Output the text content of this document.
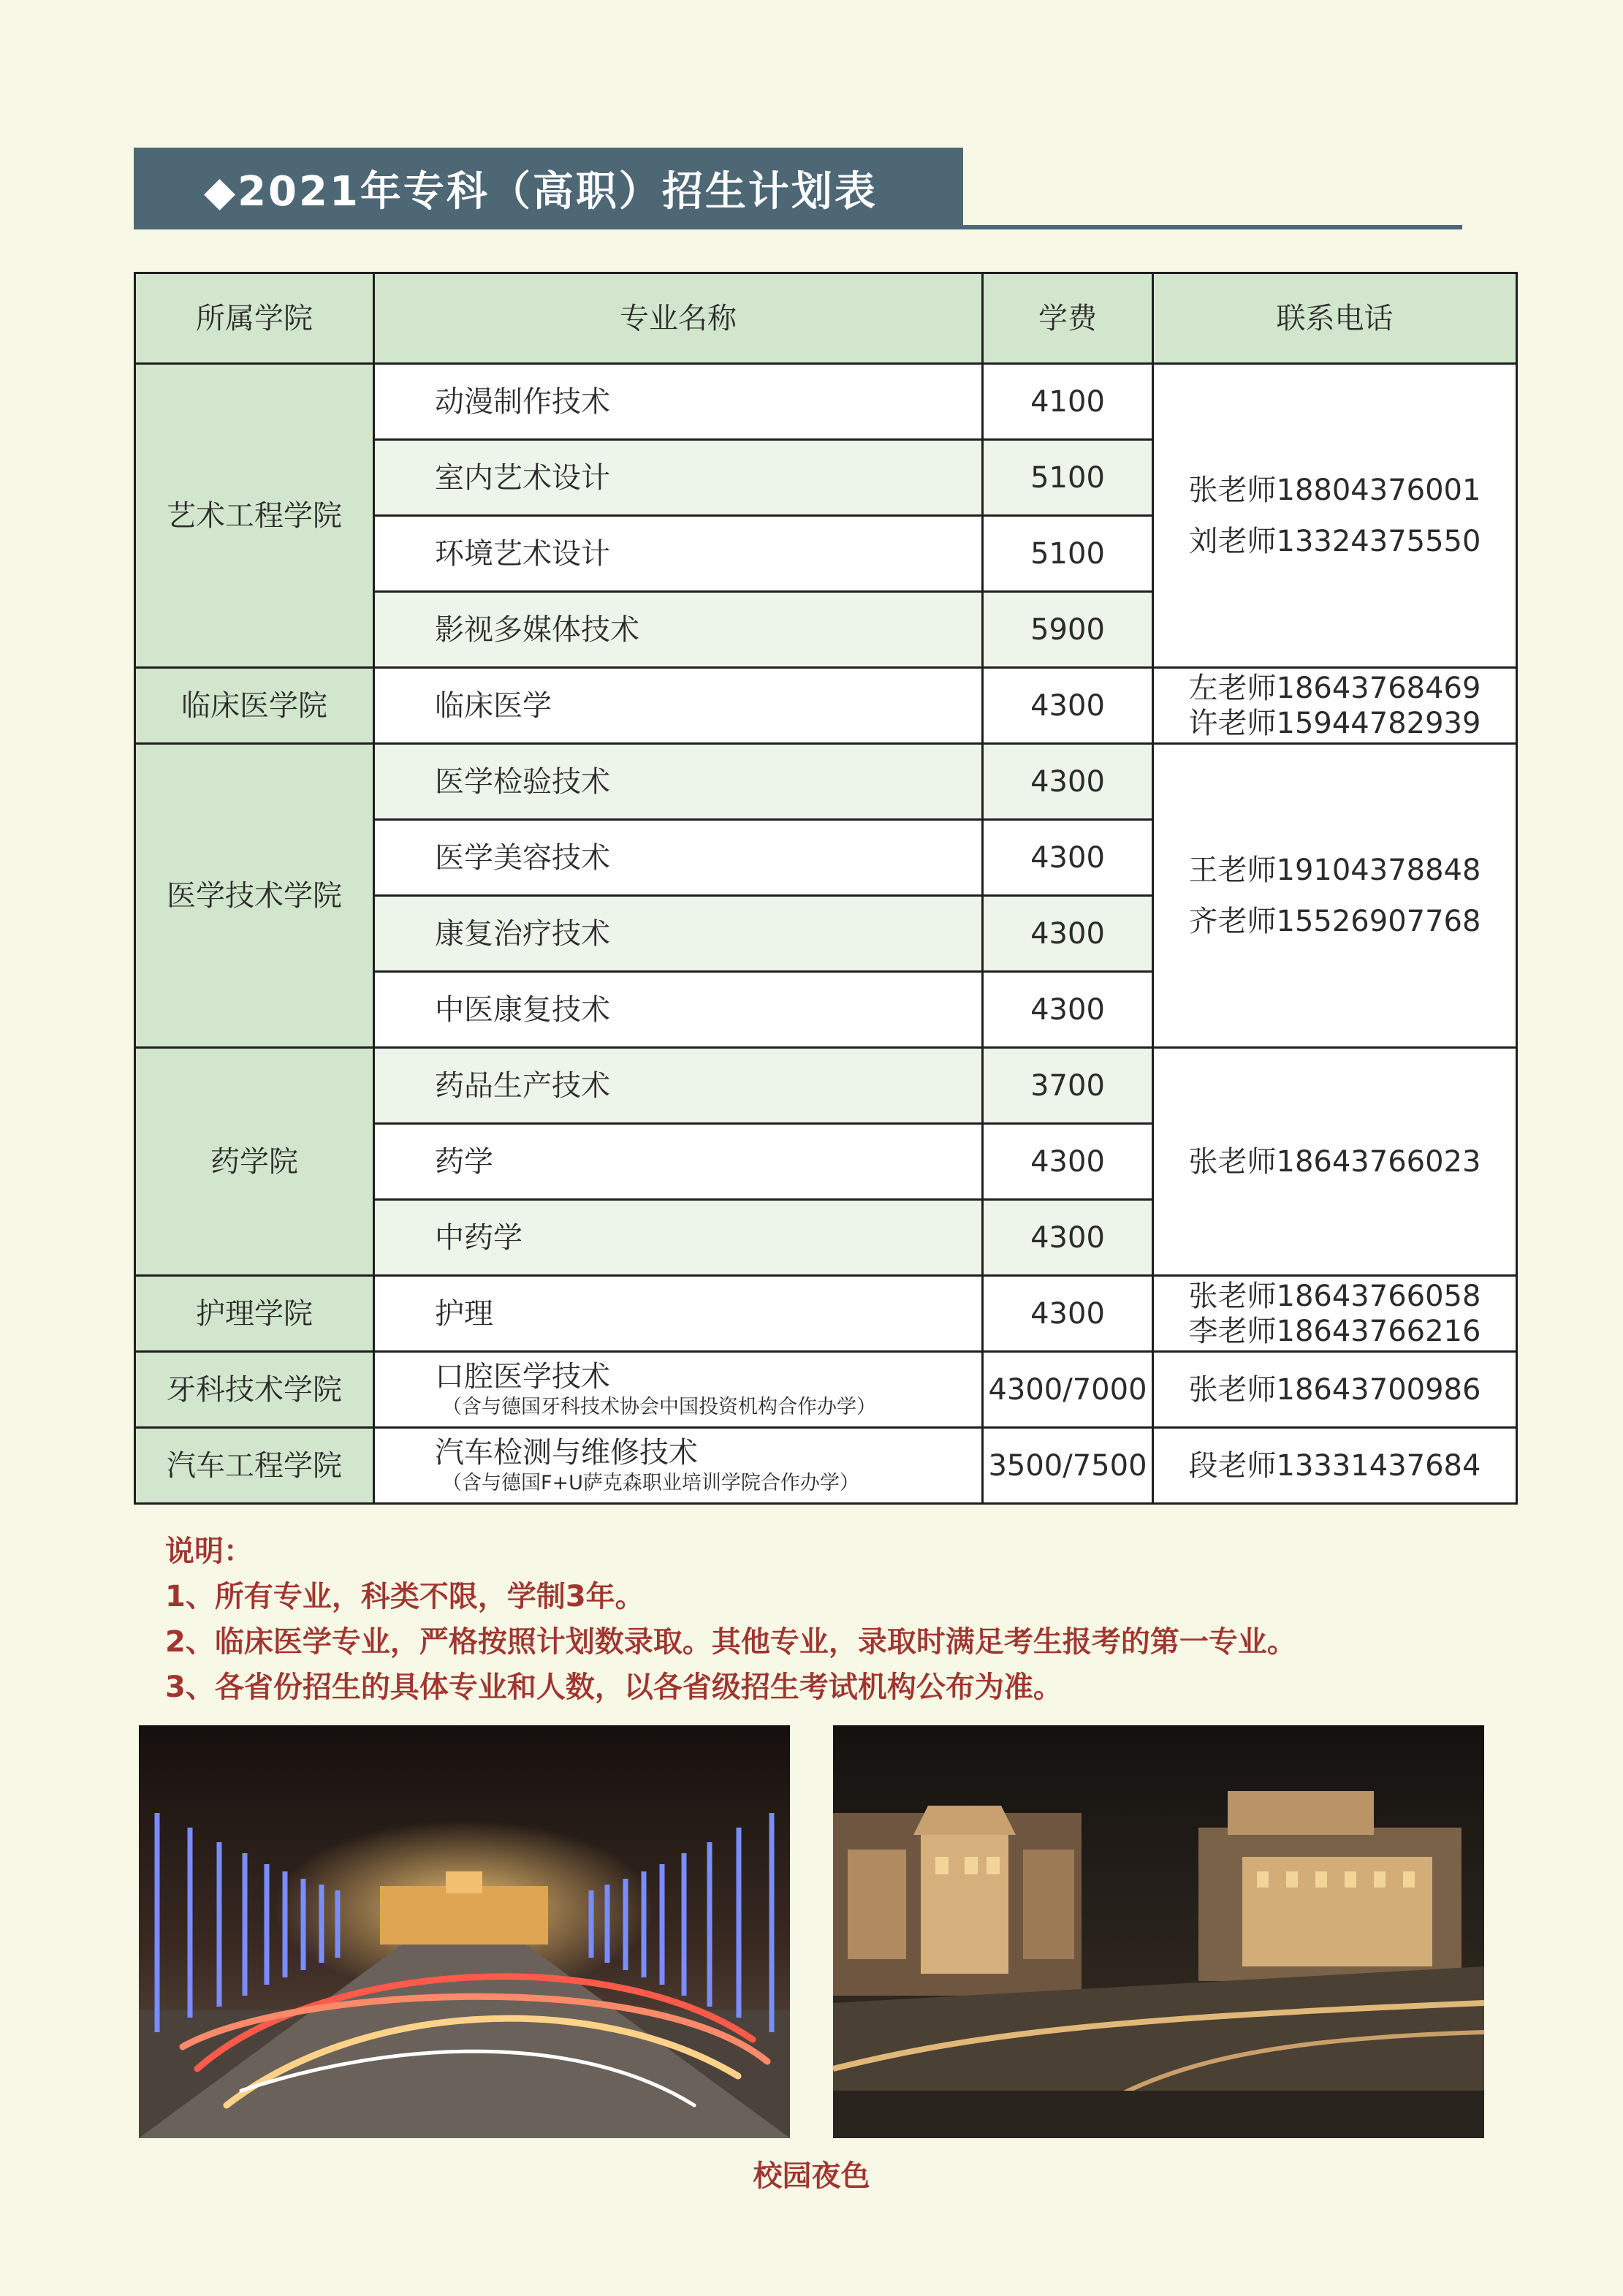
◆2021年专科（高职）招生计划表
所属学院	专业名称	学费	联系电话
艺术工程学院	动漫制作技术	4100	张老师18804376001
刘老师13324375550

	室内艺术设计	5100	
	环境艺术设计	5100	
	影视多媒体技术	5900	
临床医学院	临床医学	4300	左老师18643768469
许老师15944782939

医学技术学院	医学检验技术	4300	王老师19104378848
齐老师15526907768

	医学美容技术	4300	
	康复治疗技术	4300	
	中医康复技术	4300	
药学院	药品生产技术	3700	张老师18643766023

	药学	4300	
	中药学	4300	
护理学院	护理	4300	张老师18643766058
李老师18643766216

牙科技术学院	口腔医学技术
（含与德国牙科技术协会中国投资机构合作办学）	4300/7000	张老师18643700986

汽车工程学院	汽车检测与维修技术
（含与德国F+U萨克森职业培训学院合作办学）	3500/7500	段老师13331437684
说明：
1、所有专业，科类不限，学制3年。
2、临床医学专业，严格按照计划数录取。其他专业，录取时满足考生报考的第一专业。
3、各省份招生的具体专业和人数，以各省级招生考试机构公布为准。
校园夜色
